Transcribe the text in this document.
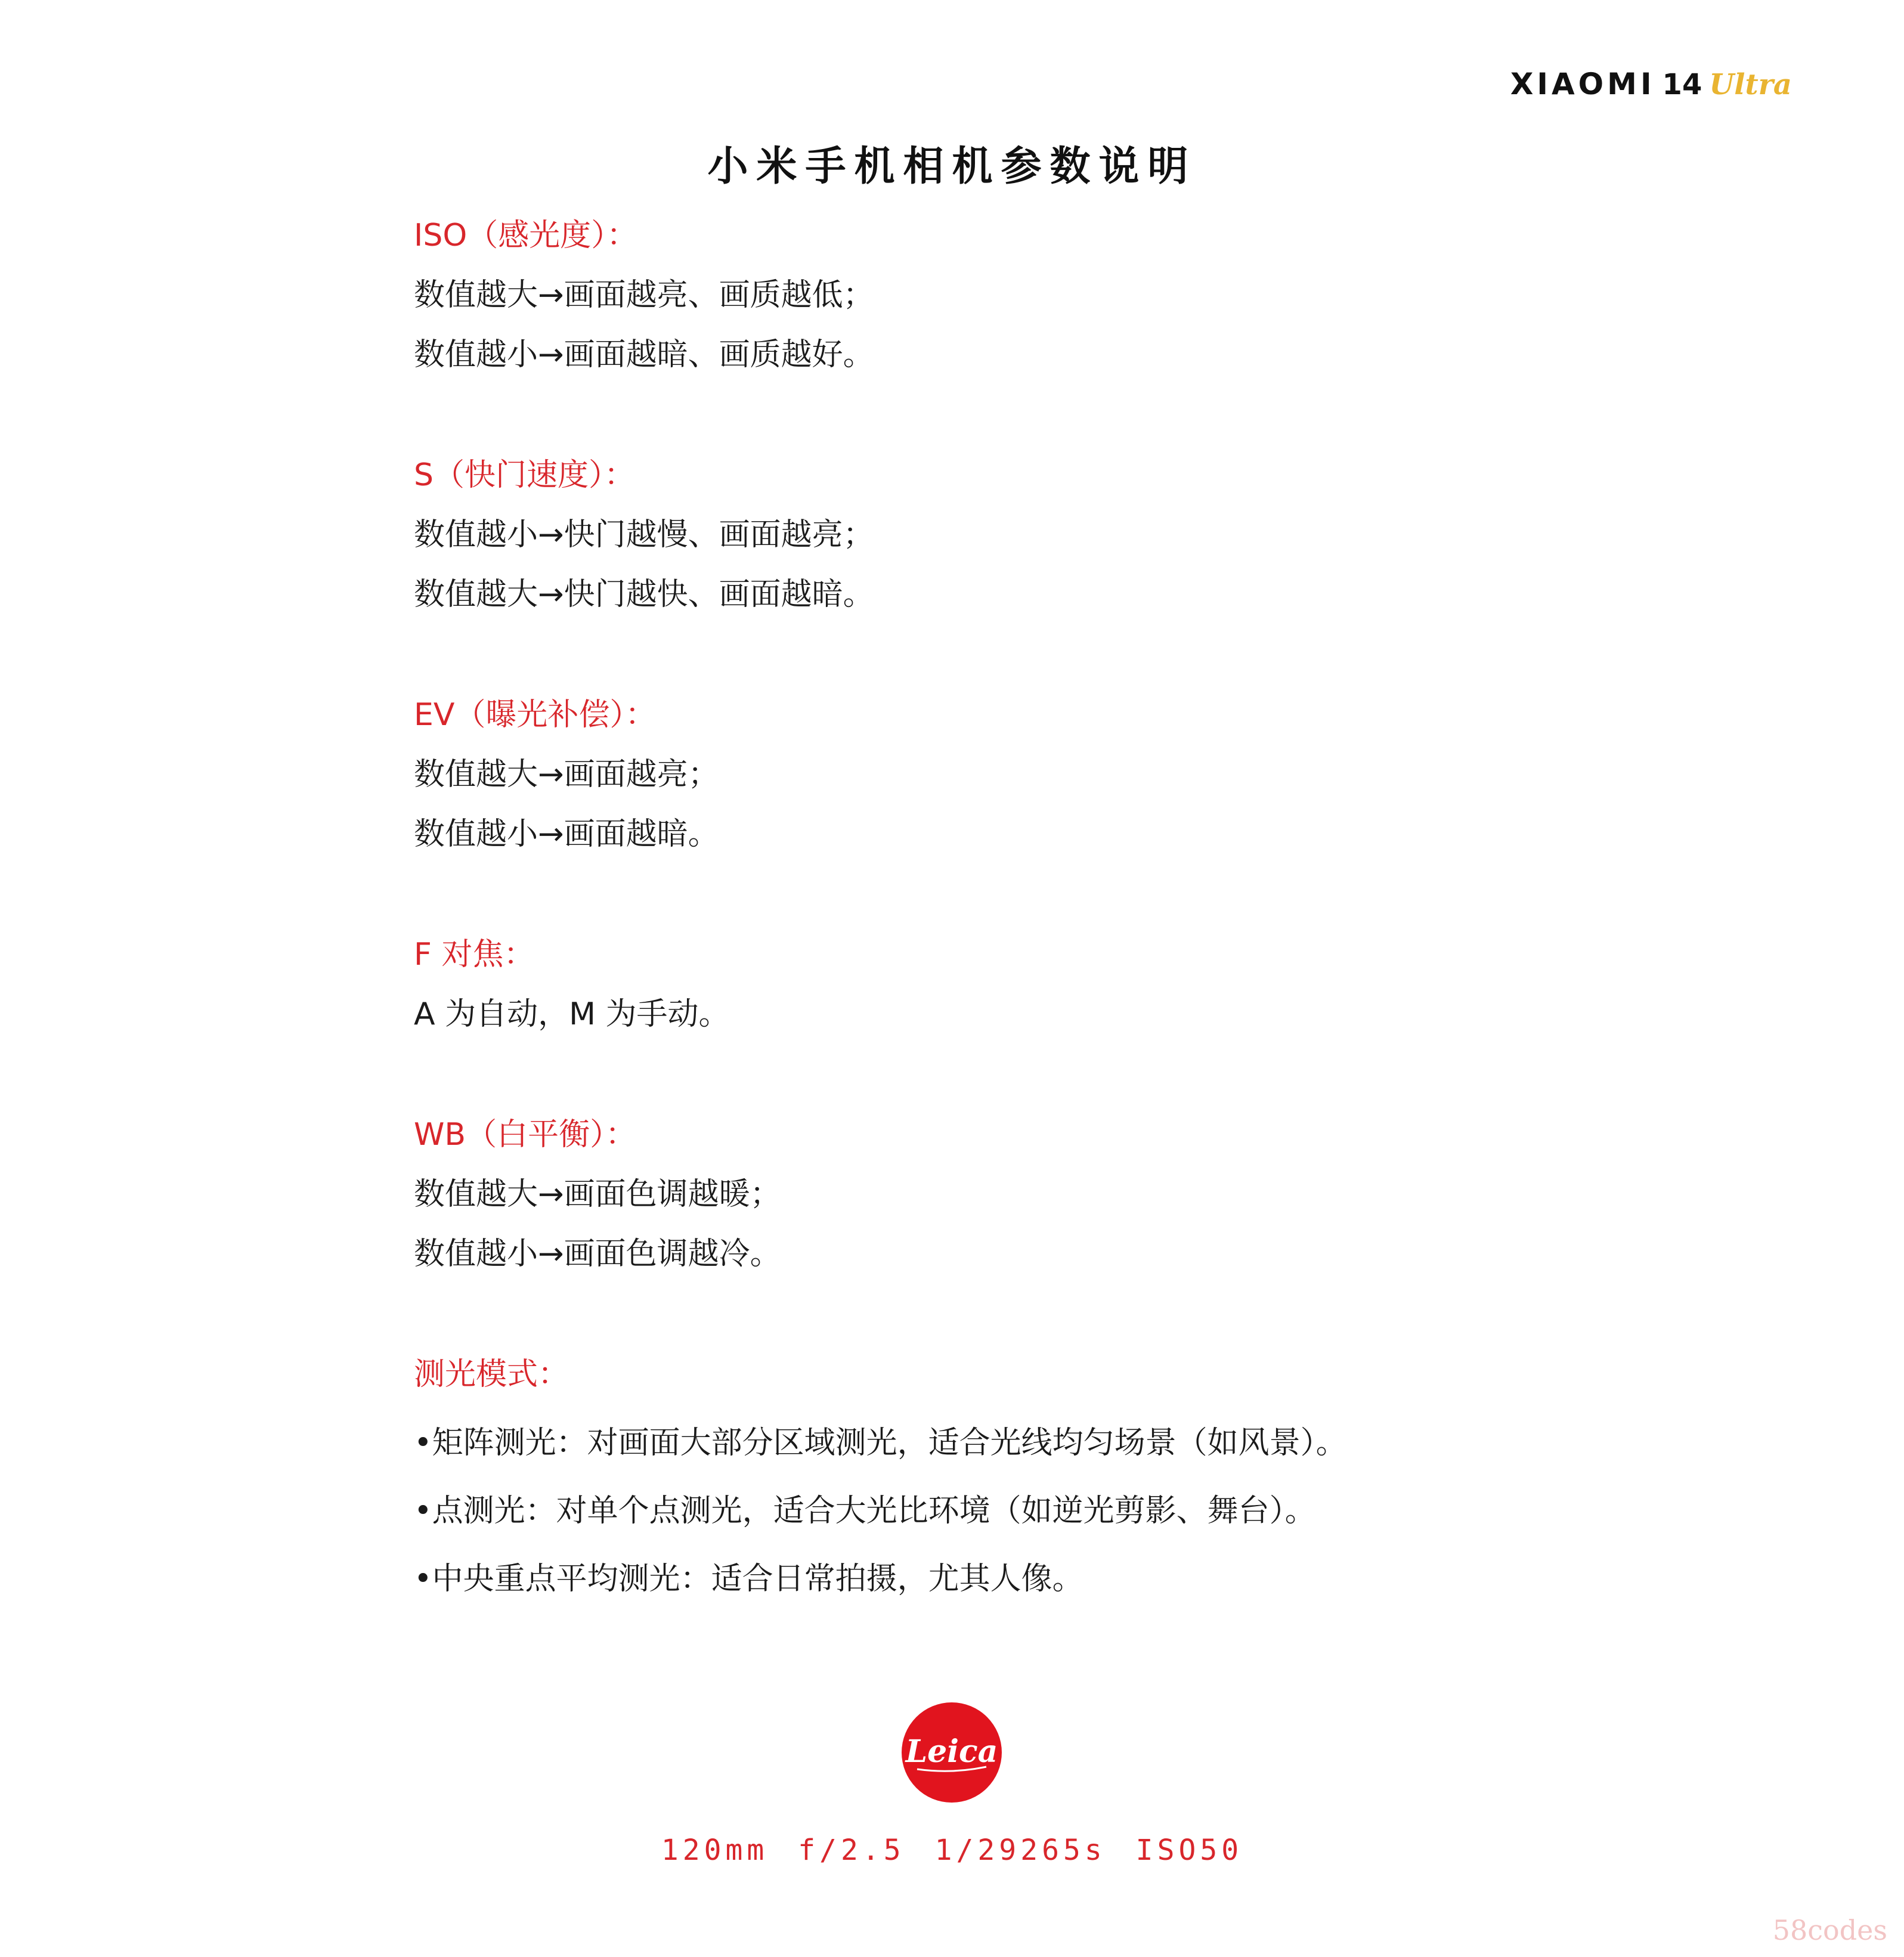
XIAOMI 14 Ultra
小米手机相机参数说明
ISO（感光度）：
数值越大→画面越亮、画质越低；
数值越小→画面越暗、画质越好。
S（快门速度）：
数值越小→快门越慢、画面越亮；
数值越大→快门越快、画面越暗。
EV（曝光补偿）：
数值越大→画面越亮；
数值越小→画面越暗。
F 对焦：
A 为自动，M 为手动。
WB（白平衡）：
数值越大→画面色调越暖；
数值越小→画面色调越冷。
测光模式：
•矩阵测光：对画面大部分区域测光，适合光线均匀场景（如风景）。
•点测光：对单个点测光，适合大光比环境（如逆光剪影、舞台）。
•中央重点平均测光：适合日常拍摄，尤其人像。
Leica
120mm f/2.5 1/29265s ISO50
58codes
